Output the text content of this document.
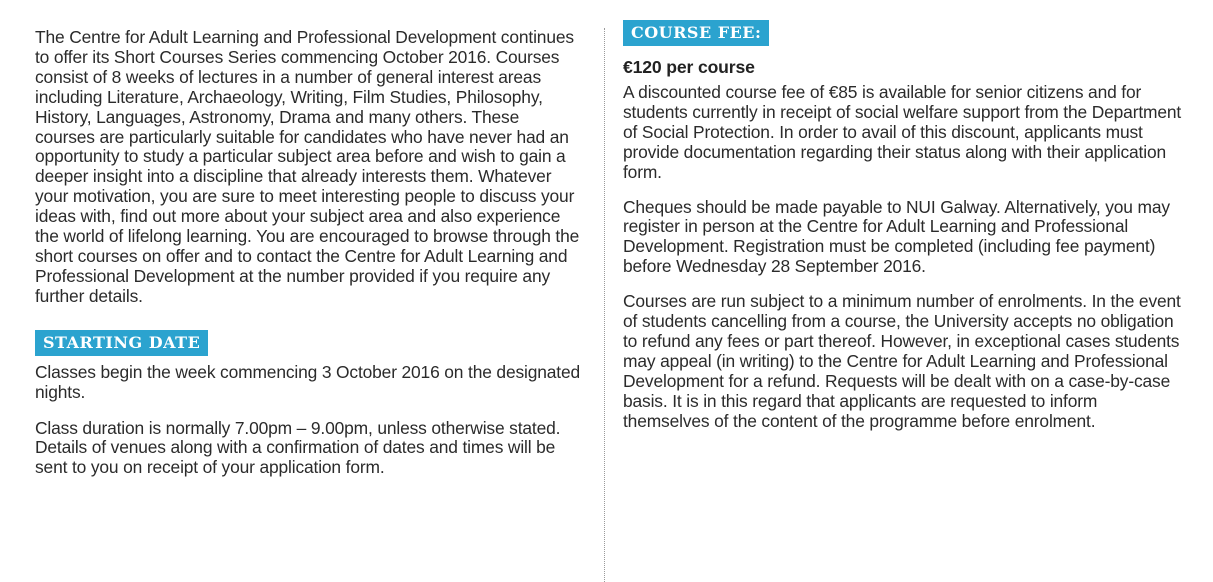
The Centre for Adult Learning and Professional Development continues to offer its Short Courses Series commencing October 2016. Courses consist of 8 weeks of lectures in a number of general interest areas including Literature, Archaeology, Writing, Film Studies, Philosophy, History, Languages, Astronomy, Drama and many others. These courses are particularly suitable for candidates who have never had an opportunity to study a particular subject area before and wish to gain a deeper insight into a discipline that already interests them. Whatever your motivation, you are sure to meet interesting people to discuss your ideas with, find out more about your subject area and also experience the world of lifelong learning. You are encouraged to browse through the short courses on offer and to contact the Centre for Adult Learning and Professional Development at the number provided if you require any further details.

STARTING DATE

Classes begin the week commencing 3 October 2016 on the designated nights.

Class duration is normally 7.00pm – 9.00pm, unless otherwise stated. Details of venues along with a confirmation of dates and times will be sent to you on receipt of your application form.

COURSE FEE:

€120 per course

A discounted course fee of €85 is available for senior citizens and for students currently in receipt of social welfare support from the Department of Social Protection. In order to avail of this discount, applicants must provide documentation regarding their status along with their application form.

Cheques should be made payable to NUI Galway. Alternatively, you may register in person at the Centre for Adult Learning and Professional Development. Registration must be completed (including fee payment) before Wednesday 28 September 2016.

Courses are run subject to a minimum number of enrolments. In the event of students cancelling from a course, the University accepts no obligation to refund any fees or part thereof. However, in exceptional cases students may appeal (in writing) to the Centre for Adult Learning and Professional Development for a refund. Requests will be dealt with on a case-by-case basis. It is in this regard that applicants are requested to inform themselves of the content of the programme before enrolment.
